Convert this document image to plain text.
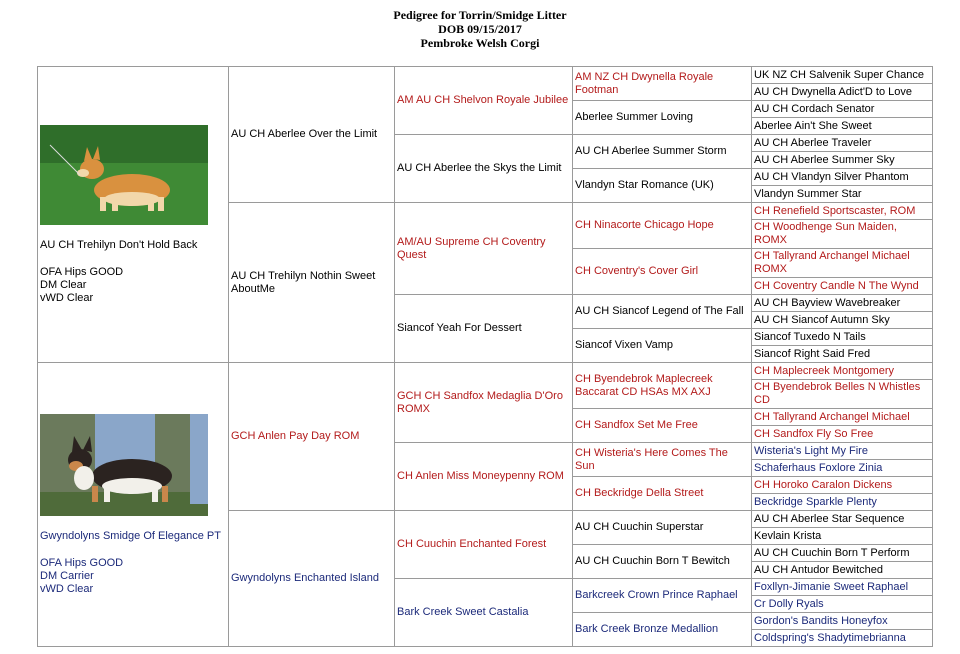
Pedigree for Torrin/Smidge Litter
DOB 09/15/2017
Pembroke Welsh Corgi
AU CH Trehilyn Don't Hold Back
OFA Hips GOOD
DM Clear
vWD Clear	AU CH Aberlee Over the Limit	AM AU CH Shelvon Royale Jubilee	AM NZ CH Dwynella Royale Footman	UK NZ CH Salvenik Super Chance
				AU CH Dwynella Adict'D to Love
			Aberlee Summer Loving	AU CH Cordach Senator
				Aberlee Ain't She Sweet
		AU CH Aberlee the Skys the Limit	AU CH Aberlee Summer Storm	AU CH Aberlee Traveler
				AU CH Aberlee Summer Sky
			Vlandyn Star Romance (UK)	AU CH Vlandyn Silver Phantom
				Vlandyn Summer Star
	AU CH Trehilyn Nothin Sweet AboutMe	AM/AU Supreme CH Coventry Quest	CH Ninacorte Chicago Hope	CH Renefield Sportscaster, ROM
				CH Woodhenge Sun Maiden, ROMX
			CH Coventry's Cover Girl	CH Tallyrand Archangel Michael ROMX
				CH Coventry Candle N The Wynd
		Siancof Yeah For Dessert	AU CH Siancof Legend of The Fall	AU CH Bayview Wavebreaker
				AU CH Siancof Autumn Sky
			Siancof Vixen Vamp	Siancof Tuxedo N Tails
				Siancof Right Said Fred

Gwyndolyns Smidge Of Elegance PT
OFA Hips GOOD
DM Carrier
vWD Clear	GCH Anlen Pay Day ROM	GCH CH Sandfox Medaglia D'Oro ROMX	CH Byendebrok Maplecreek Baccarat CD HSAs MX AXJ	CH Maplecreek Montgomery
				CH Byendebrok Belles N Whistles CD
			CH Sandfox Set Me Free	CH Tallyrand Archangel Michael
				CH Sandfox Fly So Free
		CH Anlen Miss Moneypenny ROM	CH Wisteria's Here Comes The Sun	Wisteria's Light My Fire
				Schaferhaus Foxlore Zinia
			CH Beckridge Della Street	CH Horoko Caralon Dickens
				Beckridge Sparkle Plenty
	Gwyndolyns Enchanted Island	CH Cuuchin Enchanted Forest	AU CH Cuuchin Superstar	AU CH Aberlee Star Sequence
				Kevlain Krista
			AU CH Cuuchin Born T Bewitch	AU CH Cuuchin Born T Perform
				AU CH Antudor Bewitched
		Bark Creek Sweet Castalia	Barkcreek Crown Prince Raphael	Foxllyn-Jimanie Sweet Raphael
				Cr Dolly Ryals
			Bark Creek Bronze Medallion	Gordon's Bandits Honeyfox
				Coldspring's Shadytimebrianna
